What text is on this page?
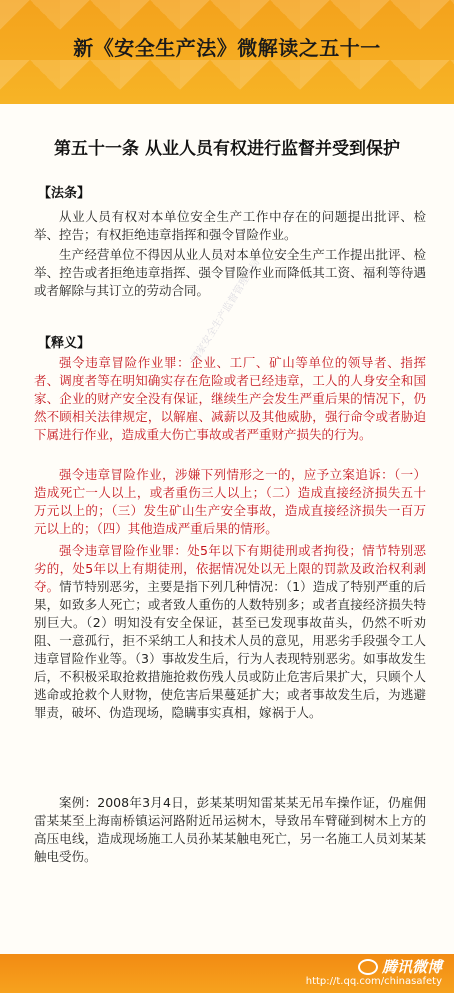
新《安全生产法》微解读之五十一
第五十一条 从业人员有权进行监督并受到保护
【法条】

从业人员有权对本单位安全生产工作中存在的问题提出批评、检举、控告；有权拒绝违章指挥和强令冒险作业。

生产经营单位不得因从业人员对本单位安全生产工作提出批评、检举、控告或者拒绝违章指挥、强令冒险作业而降低其工资、福利等待遇或者解除与其订立的劳动合同。

【释义】

强令违章冒险作业罪：企业、工厂、矿山等单位的领导者、指挥者、调度者等在明知确实存在危险或者已经违章，工人的人身安全和国家、企业的财产安全没有保证，继续生产会发生严重后果的情况下，仍然不顾相关法律规定，以解雇、减薪以及其他威胁，强行命令或者胁迫下属进行作业，造成重大伤亡事故或者严重财产损失的行为。

强令违章冒险作业，涉嫌下列情形之一的，应予立案追诉：（一）造成死亡一人以上，或者重伤三人以上；（二）造成直接经济损失五十万元以上的；（三）发生矿山生产安全事故，造成直接经济损失一百万元以上的；（四）其他造成严重后果的情形。

强令违章冒险作业罪：处5年以下有期徒刑或者拘役；情节特别恶劣的，处5年以上有期徒刑，依据情况处以无上限的罚款及政治权利剥夺。情节特别恶劣，主要是指下列几种情况：（1）造成了特别严重的后果，如致多人死亡；或者致人重伤的人数特别多；或者直接经济损失特别巨大。（2）明知没有安全保证，甚至已发现事故苗头，仍然不听劝阻、一意孤行，拒不采纳工人和技术人员的意见，用恶劣手段强令工人违章冒险作业等。（3）事故发生后，行为人表现特别恶劣。如事故发生后，不积极采取抢救措施抢救伤残人员或防止危害后果扩大，只顾个人逃命或抢救个人财物，使危害后果蔓延扩大；或者事故发生后，为逃避罪责，破坏、伪造现场，隐瞒事实真相，嫁祸于人。

案例：2008年3月4日，彭某某明知雷某某无吊车操作证，仍雇佣雷某某至上海南桥镇运河路附近吊运树木，导致吊车臂碰到树木上方的高压电线，造成现场施工人员孙某某触电死亡，另一名施工人员刘某某触电受伤。

国家安全生产监督管理总局
腾讯微博
http://t.qq.com/chinasafety
